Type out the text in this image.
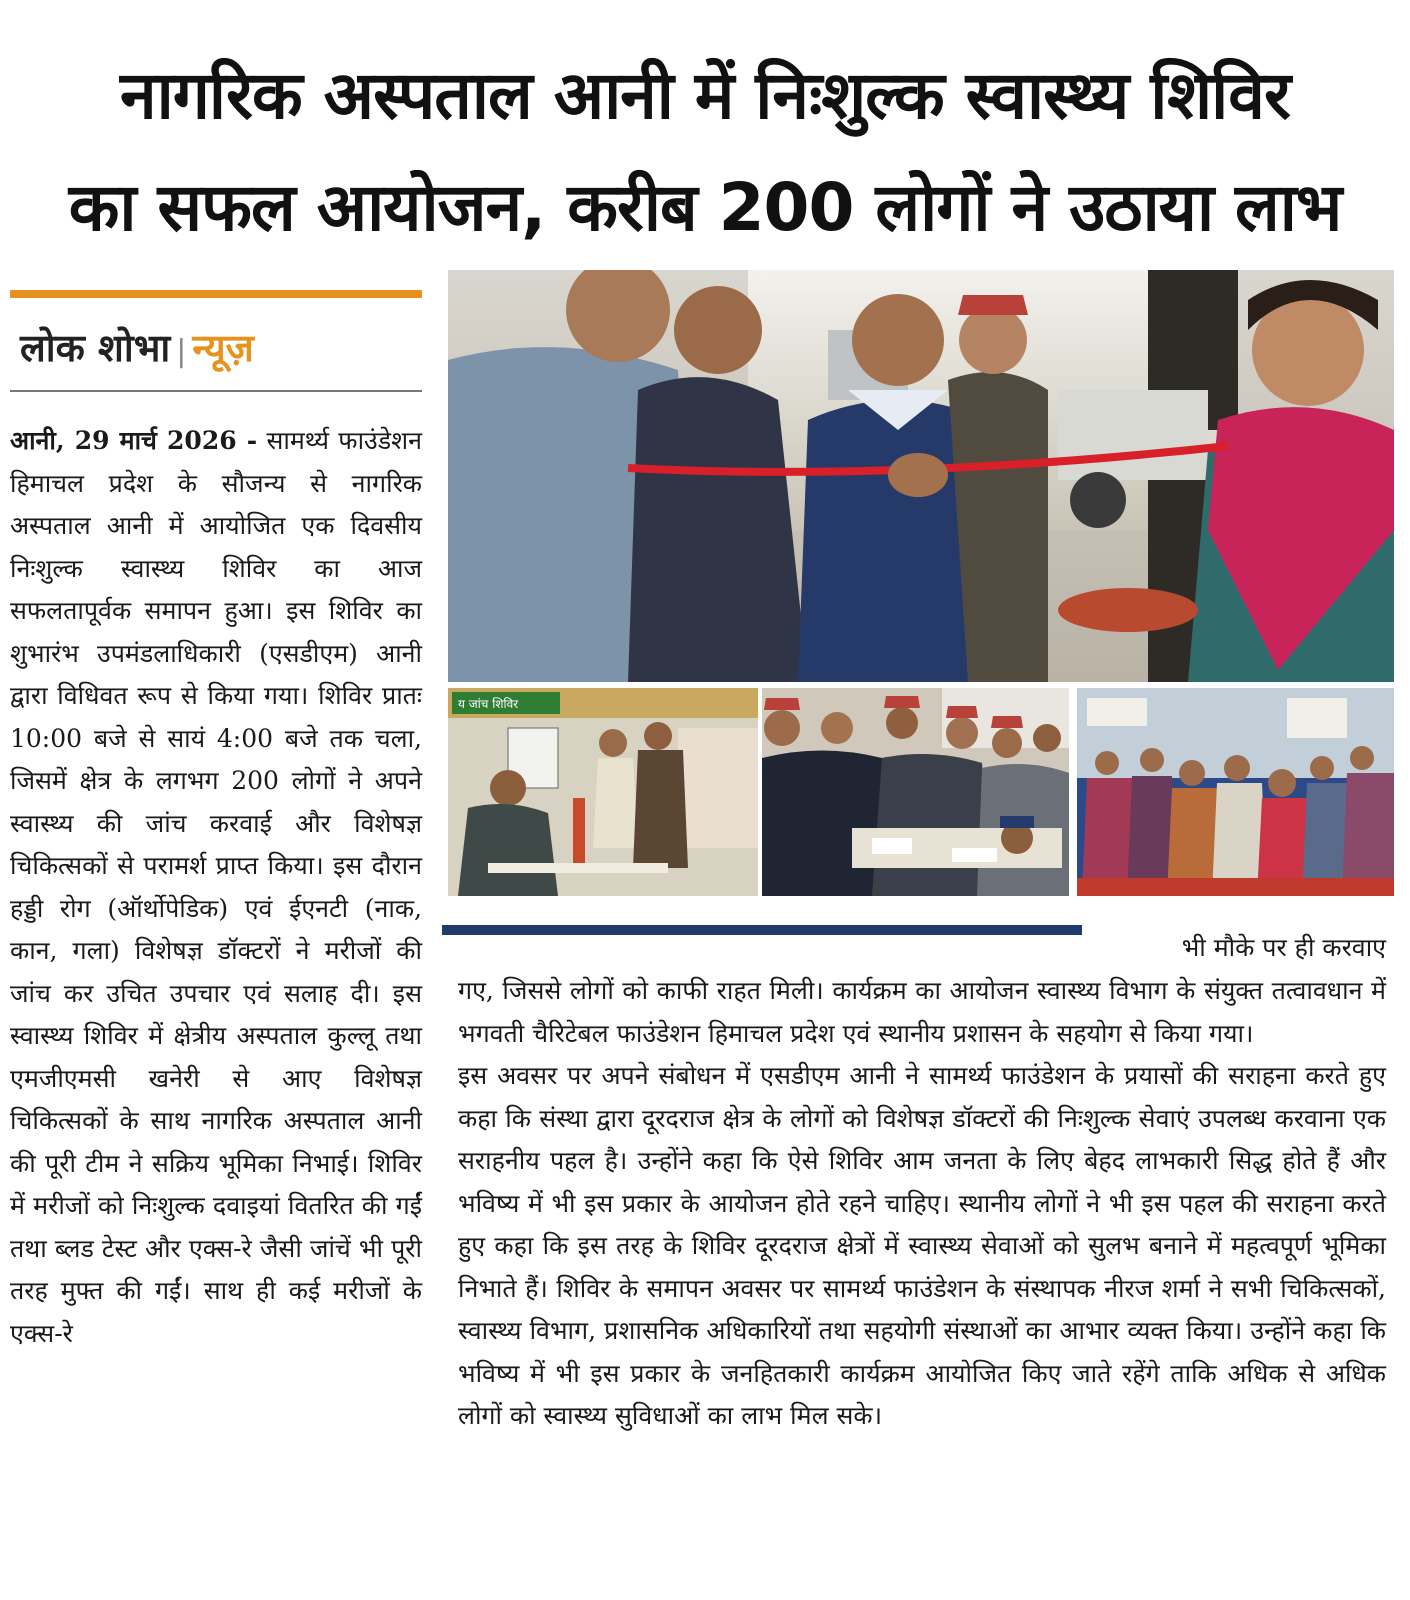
नागरिक अस्पताल आनी में निःशुल्क स्वास्थ्य शिविर
का सफल आयोजन, करीब 200 लोगों ने उठाया लाभ
लोक शोभा | न्यूज़
आनी, 29 मार्च 2026 - सामर्थ्य फाउंडेशन हिमाचल प्रदेश के सौजन्य से नागरिक अस्पताल आनी में आयोजित एक दिवसीय निःशुल्क स्वास्थ्य शिविर का आज सफलतापूर्वक समापन हुआ। इस शिविर का शुभारंभ उपमंडलाधिकारी (एसडीएम) आनी द्वारा विधिवत रूप से किया गया। शिविर प्रातः 10:00 बजे से सायं 4:00 बजे तक चला, जिसमें क्षेत्र के लगभग 200 लोगों ने अपने स्वास्थ्य की जांच करवाई और विशेषज्ञ चिकित्सकों से परामर्श प्राप्त किया। इस दौरान हड्डी रोग (ऑर्थोपेडिक) एवं ईएनटी (नाक, कान, गला) विशेषज्ञ डॉक्टरों ने मरीजों की जांच कर उचित उपचार एवं सलाह दी। इस स्वास्थ्य शिविर में क्षेत्रीय अस्पताल कुल्लू तथा एमजीएमसी खनेरी से आए विशेषज्ञ चिकित्सकों के साथ नागरिक अस्पताल आनी की पूरी टीम ने सक्रिय भूमिका निभाई। शिविर में मरीजों को निःशुल्क दवाइयां वितरित की गईं तथा ब्लड टेस्ट और एक्स-रे जैसी जांचें भी पूरी तरह मुफ्त की गईं। साथ ही कई मरीजों के एक्स-रे
य जांच शिविर
भी मौके पर ही करवाए

गए, जिससे लोगों को काफी राहत मिली। कार्यक्रम का आयोजन स्वास्थ्य विभाग के संयुक्त तत्वावधान में भगवती चैरिटेबल फाउंडेशन हिमाचल प्रदेश एवं स्थानीय प्रशासन के सहयोग से किया गया।

इस अवसर पर अपने संबोधन में एसडीएम आनी ने सामर्थ्य फाउंडेशन के प्रयासों की सराहना करते हुए कहा कि संस्था द्वारा दूरदराज क्षेत्र के लोगों को विशेषज्ञ डॉक्टरों की निःशुल्क सेवाएं उपलब्ध करवाना एक सराहनीय पहल है। उन्होंने कहा कि ऐसे शिविर आम जनता के लिए बेहद लाभकारी सिद्ध होते हैं और भविष्य में भी इस प्रकार के आयोजन होते रहने चाहिए। स्थानीय लोगों ने भी इस पहल की सराहना करते हुए कहा कि इस तरह के शिविर दूरदराज क्षेत्रों में स्वास्थ्य सेवाओं को सुलभ बनाने में महत्वपूर्ण भूमिका निभाते हैं। शिविर के समापन अवसर पर सामर्थ्य फाउंडेशन के संस्थापक नीरज शर्मा ने सभी चिकित्सकों, स्वास्थ्य विभाग, प्रशासनिक अधिकारियों तथा सहयोगी संस्थाओं का आभार व्यक्त किया। उन्होंने कहा कि भविष्य में भी इस प्रकार के जनहितकारी कार्यक्रम आयोजित किए जाते रहेंगे ताकि अधिक से अधिक लोगों को स्वास्थ्य सुविधाओं का लाभ मिल सके।
